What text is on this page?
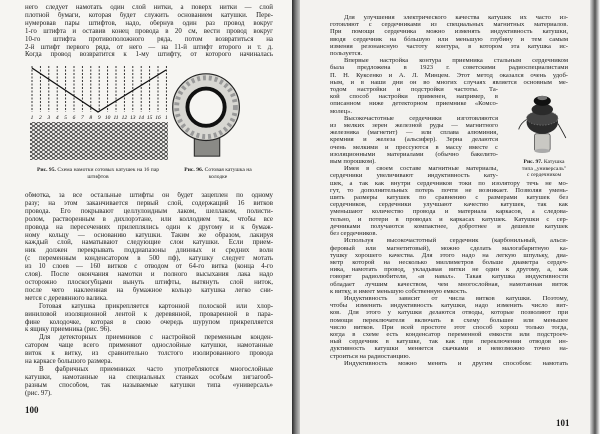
него следует намотать один слой нитки, а поверх нитки — слой
плотной бумаги, которая будет служить основанием катушки. Пере-
нумеровав пары штифтов, надо, обернув один раз провод вокруг
1-го штифта и оставив конец провода в 20 см, вести провод вокруг
10-го штифта противоположного ряда, потом возвратиться на
2-й штифт первого ряда, от него — на 11-й штифт второго и т. д.
Когда провод возвратится к 1-му штифту, от которого начиналась
1 2 3 4 5 6 7 8 9 10 11 12 13 14 15 16 1
Рис. 95. Схема намотки сотовых катушек на 16 пар штифтов
Рис. 96. Сотовая катушка на колодке
обмотка, за все остальные штифты он будет зацеплен по одному
разу; на этом заканчивается первый слой, содержащий 16 витков
провода. Его покрывают целлулоидным лаком, шеллаком, полисти-
ролом, растворенным в дихлорэтане, или коллодием так, чтобы все
провода на пересечениях прилеплялись один к другому и к бумаж-
ному кольцу — основанию катушки. Таким же образом, лакируя
каждый слой, наматывают следующие слои катушки. Если прием-
ник должен перекрывать поддиапазоны длинных и средних волн
(с переменным конденсатором в 500 пф), катушку следует мотать
из 10 слоев — 160 витков с отводом от 64-го витка (конца 4-го
слоя). После окончания намотки и полного высыхания лака надо
осторожно плоскогубцами вынуть штифты, вытянуть слой ниток,
после чего наклеенная на бумажное кольцо катушка легко сни-
мется с деревянного валика.
Готовая катушка прикрепляется картонной полоской или хлор-
виниловой изоляционной лентой к деревянной, проваренной в пара-
фине колодочке, которая в свою очередь шурупом прикрепляется
к ящику приемника (рис. 96).
Для детекторных приемников с настройкой переменным конден-
сатором чаще всего применяют однослойные катушки, намотанные
виток к витку, из сравнительно толстого изолированного провода
на каркасе большого размера.
В фабричных приемниках часто употребляются многослойные
катушки, намотанные на специальных станках особым зигзагооб-
разным способом, так называемые катушки типа «универсаль»
(рис. 97).
100
Для улучшения электрического качества катушек их часто из-
готовляют с сердечниками из специальных магнитных материалов.
При помощи сердечника можно изменять индуктивность катушки,
вводя сердечник на бóльшую или меньшую глубину и тем самым
изменяя резонансную частоту контура, в котором эта катушка ис-
пользуется.
Впервые настройка контура приемника стальным сердечником
была предложена в 1923 г. советскими радиоспециалистами
П. Н. Куксенко и А. Л. Минцем. Этот метод оказался очень удоб-
ным, и в наши дни он во многих случаях является основным ме-
тодом настройки и подстройки частоты. Та-
кой способ настройки применен, например, в
описанном ниже детекторном приемнике «Комсо-
молец».
Высокочастотные сердечники изготовляются
из мелких зерен железной руды — магнитного
железняка (магнетит) — или сплава алюминия,
кремния и железа (альсифер). Зерна делаются
очень мелкими и прессуются в массу вместе с
изоляционными материалами (обычно бакелито-
вым порошком).
Имея в своем составе магнитные материалы,
сердечники увеличивают индуктивность кату-
шек, а так как внутри сердечников токи по изолятору течь не мо-
гут, то дополнительных потерь почти не возникает. Позволяя умень-
шить размеры катушек по сравнению с размерами катушек без
сердечников, сердечники улучшают качество катушек, так как
уменьшают количество провода и материала каркасов, а следова-
тельно, и потери в проводах и каркасах катушек. Катушки с сер-
дечниками получаются компактнее, добротнее и дешевле катушек
без сердечников.
Используя высокочастотный сердечник (карбонильный, альси-
феровый или магнетитовый), можно сделать малогабаритную ка-
тушку хорошего качества. Для этого надо на легкую шпульку, диа-
метр которой на несколько миллиметров больше диаметра сердеч-
ника, намотать провод, укладывая витки не один к другому, а, как
говорят радиолюбители, «в навал». Такая катушка индуктивности
обладает лучшим качеством, чем многослойная, намотанная виток
к витку, и имеет меньшую собственную емкость.
Индуктивность зависит от числа витков катушки. Поэтому,
чтобы изменить индуктивность катушки, надо изменить число вит-
ков. Для этого у катушки делаются отводы, которые позволяют при
помощи переключателя включать в схему большее или меньшее
число витков. При всей простоте этот способ хорош только тогда,
когда в схеме есть конденсатор переменной емкости или подстроеч-
ный сердечник в катушке, так как при переключении отводов ин-
дуктивность катушки меняется скачками и невозможно точно на-
строиться на радиостанцию.
Индуктивность можно менять и другим способом: намотать
Рис. 97. Катушка
типа „универсаль"
с сердечником
101
